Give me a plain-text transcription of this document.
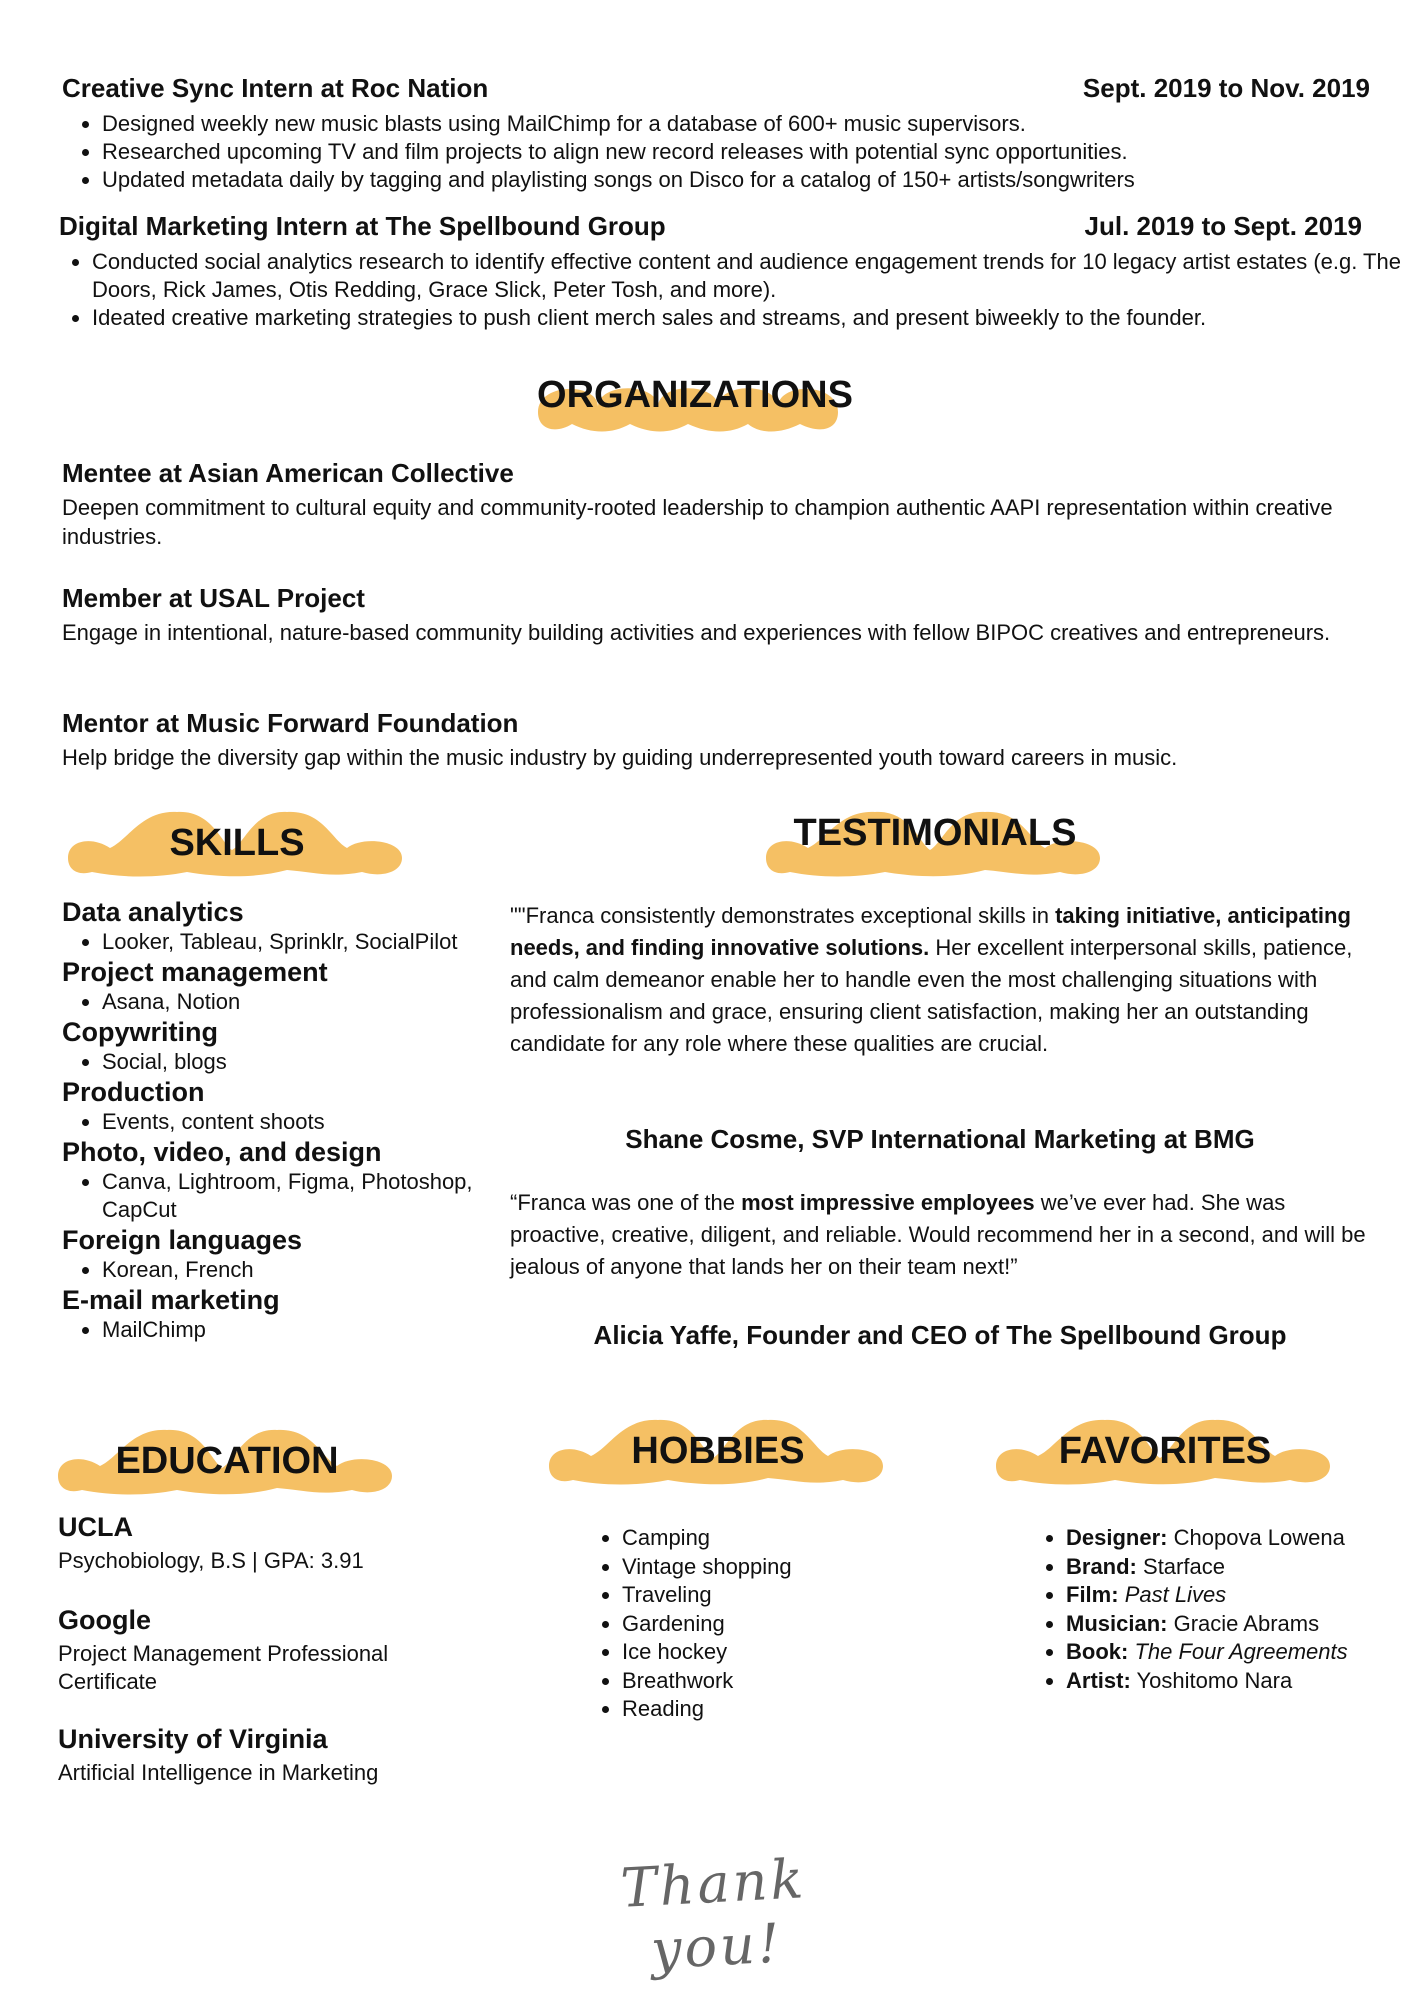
Creative Sync Intern at Roc Nation	Sept. 2019 to Nov. 2019
• Designed weekly new music blasts using MailChimp for a database of 600+ music supervisors.
• Researched upcoming TV and film projects to align new record releases with potential sync opportunities.
• Updated metadata daily by tagging and playlisting songs on Disco for a catalog of 150+ artists/songwriters
Digital Marketing Intern at The Spellbound Group	Jul. 2019 to Sept. 2019
• Conducted social analytics research to identify effective content and audience engagement trends for 10 legacy artist estates (e.g. The Doors, Rick James, Otis Redding, Grace Slick, Peter Tosh, and more).
• Ideated creative marketing strategies to push client merch sales and streams, and present biweekly to the founder.
ORGANIZATIONS
Mentee at Asian American Collective
Deepen commitment to cultural equity and community-rooted leadership to champion authentic AAPI representation within creative industries.
Member at USAL Project
Engage in intentional, nature-based community building activities and experiences with fellow BIPOC creatives and entrepreneurs.
Mentor at Music Forward Foundation
Help bridge the diversity gap within the music industry by guiding underrepresented youth toward careers in music.
SKILLS	TESTIMONIALS
Data analytics
• Looker, Tableau, Sprinklr, SocialPilot
Project management
• Asana, Notion
Copywriting
• Social, blogs
Production
• Events, content shoots
Photo, video, and design
• Canva, Lightroom, Figma, Photoshop, CapCut
Foreign languages
• Korean, French
E-mail marketing
• MailChimp
""Franca consistently demonstrates exceptional skills in taking initiative, anticipating needs, and finding innovative solutions. Her excellent interpersonal skills, patience, and calm demeanor enable her to handle even the most challenging situations with professionalism and grace, ensuring client satisfaction, making her an outstanding candidate for any role where these qualities are crucial.
Shane Cosme, SVP International Marketing at BMG
“Franca was one of the most impressive employees we’ve ever had. She was proactive, creative, diligent, and reliable. Would recommend her in a second, and will be jealous of anyone that lands her on their team next!”
Alicia Yaffe, Founder and CEO of The Spellbound Group
EDUCATION	HOBBIES	FAVORITES
UCLA
Psychobiology, B.S | GPA: 3.91
Google
Project Management Professional Certificate
University of Virginia
Artificial Intelligence in Marketing
• Camping
• Vintage shopping
• Traveling
• Gardening
• Ice hockey
• Breathwork
• Reading
• Designer: Chopova Lowena
• Brand: Starface
• Film: Past Lives
• Musician: Gracie Abrams
• Book: The Four Agreements
• Artist: Yoshitomo Nara
Thank you!
